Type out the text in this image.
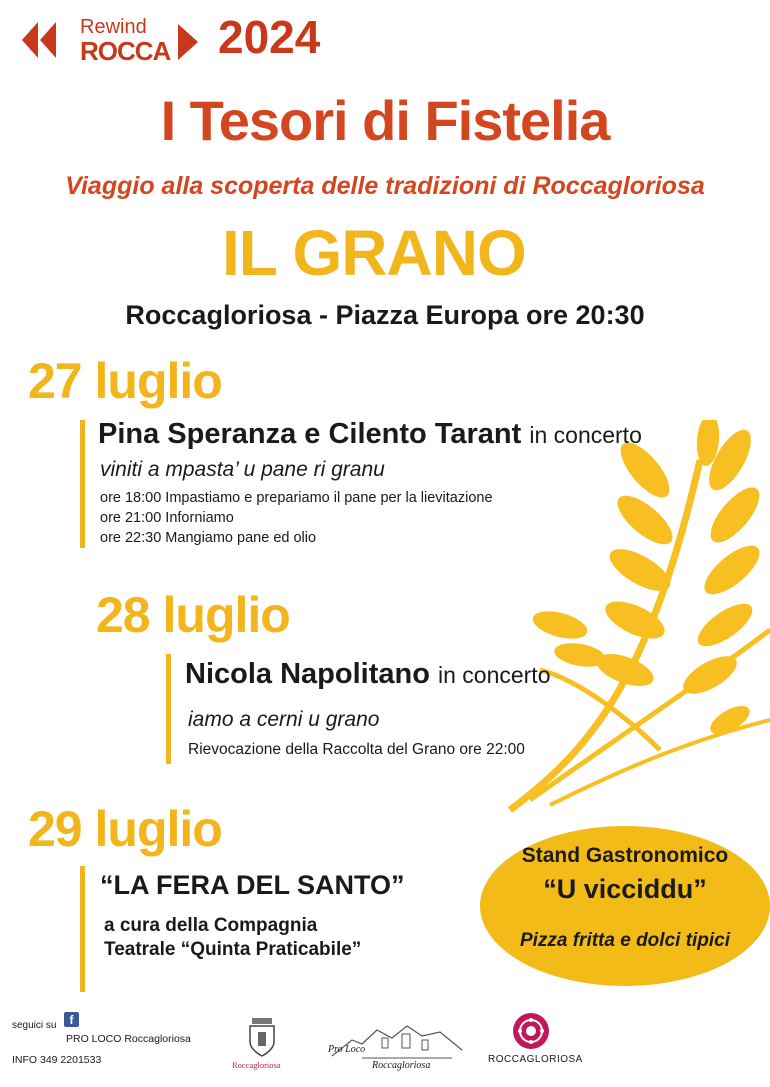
Rewind
ROCCA 2024
I Tesori di Fistelia
Viaggio alla scoperta delle tradizioni di Roccagloriosa
IL GRANO
Roccagloriosa - Piazza Europa ore 20:30
27 luglio
Pina Speranza e Cilento Tarant in concerto
viniti a mpasta’ u pane ri granu
ore 18:00 Impastiamo e prepariamo il pane per la lievitazione
ore 21:00 Inforniamo
ore 22:30 Mangiamo pane ed olio
28 luglio
Nicola Napolitano in concerto
iamo a cerni u grano
Rievocazione della Raccolta del Grano ore 22:00
29 luglio
“LA FERA DEL SANTO”
a cura della Compagnia
Teatrale “Quinta Praticabile”
Stand Gastronomico
“U vicciddu”
Pizza fritta e dolci tipici
seguici su	f
PRO LOCO Roccagloriosa
INFO 349 2201533	Roccagloriosa
Pro Loco
Roccagloriosa
ROCCAGLORIOSA
